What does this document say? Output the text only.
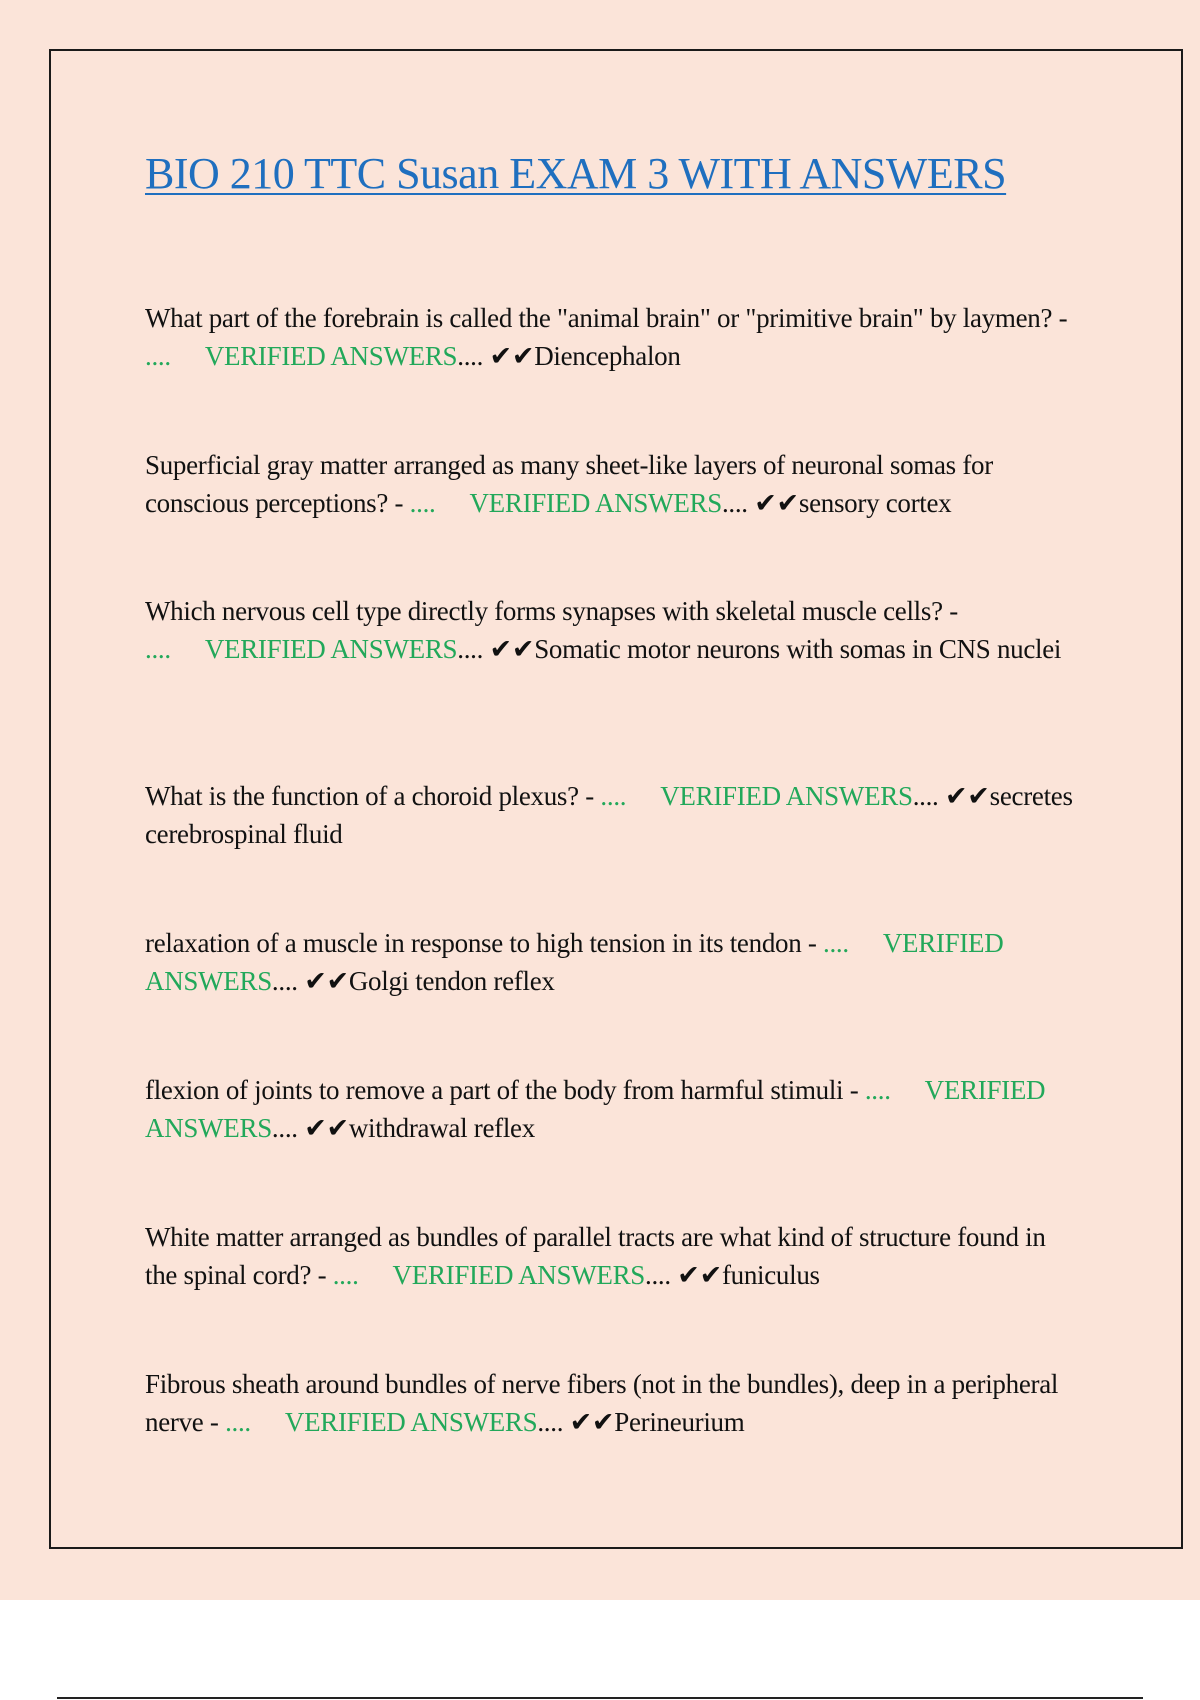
BIO 210 TTC Susan EXAM 3 WITH ANSWERS

What part of the forebrain is called the "animal brain" or "primitive brain" by laymen? - .... VERIFIED ANSWERS.... ✔✔Diencephalon

Superficial gray matter arranged as many sheet-like layers of neuronal somas for conscious perceptions? - .... VERIFIED ANSWERS.... ✔✔sensory cortex

Which nervous cell type directly forms synapses with skeletal muscle cells? - .... VERIFIED ANSWERS.... ✔✔Somatic motor neurons with somas in CNS nuclei

What is the function of a choroid plexus? - .... VERIFIED ANSWERS.... ✔✔secretes cerebrospinal fluid

relaxation of a muscle in response to high tension in its tendon - .... VERIFIED ANSWERS.... ✔✔Golgi tendon reflex

flexion of joints to remove a part of the body from harmful stimuli - .... VERIFIED ANSWERS.... ✔✔withdrawal reflex

White matter arranged as bundles of parallel tracts are what kind of structure found in the spinal cord? - .... VERIFIED ANSWERS.... ✔✔funiculus

Fibrous sheath around bundles of nerve fibers (not in the bundles), deep in a peripheral nerve - .... VERIFIED ANSWERS.... ✔✔Perineurium
